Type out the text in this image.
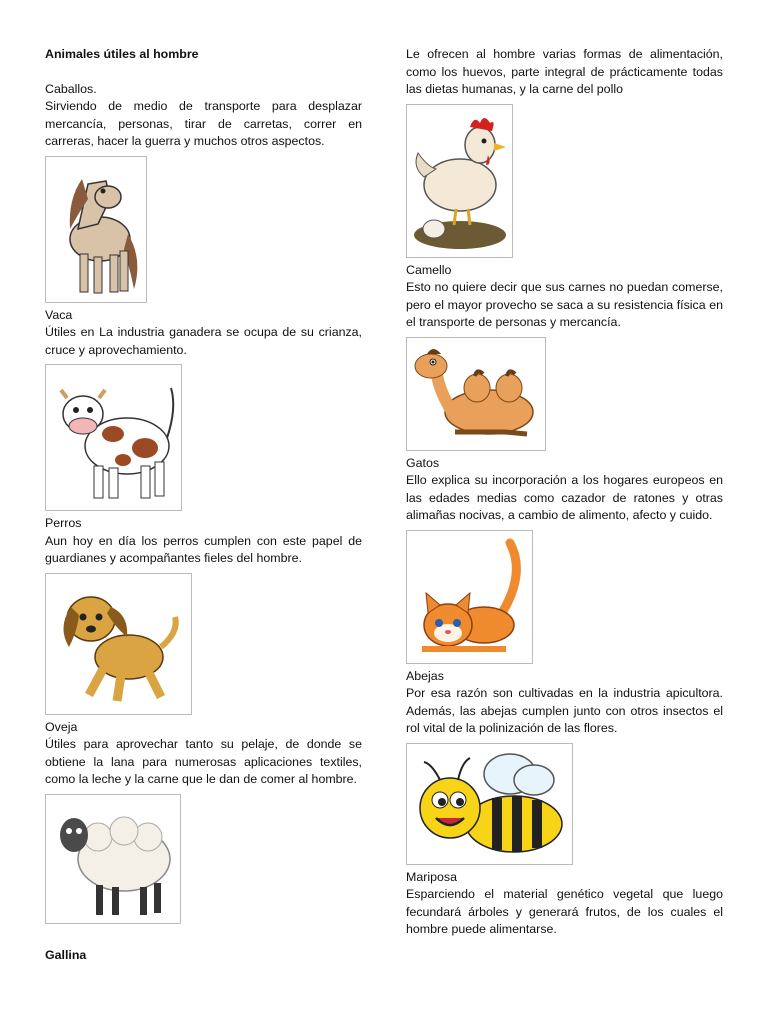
Animales útiles al hombre

Caballos.

Sirviendo de medio de transporte para desplazar mercancía, personas, tirar de carretas, correr en carreras, hacer la guerra y muchos otros aspectos.

Vaca

Útiles en La industria ganadera se ocupa de su crianza, cruce y aprovechamiento.

Perros

Aun hoy en día los perros cumplen con este papel de guardianes y acompañantes fieles del hombre.

Oveja

Útiles para aprovechar tanto su pelaje, de donde se obtiene la lana para numerosas aplicaciones textiles, como la leche y la carne que le dan de comer al hombre.

Le ofrecen al hombre varias formas de alimentación, como los huevos, parte integral de prácticamente todas las dietas humanas, y la carne del pollo

Camello

Esto no quiere decir que sus carnes no puedan comerse, pero el mayor provecho se saca a su resistencia física en el transporte de personas y mercancía.

Gatos

Ello explica su incorporación a los hogares europeos en las edades medias como cazador de ratones y otras alimañas nocivas, a cambio de alimento, afecto y cuido.

Abejas

Por esa razón son cultivadas en la industria apicultora. Además, las abejas cumplen junto con otros insectos el rol vital de la polinización de las flores.

Mariposa

Esparciendo el material genético vegetal que luego fecundará árboles y generará frutos, de los cuales el hombre puede alimentarse.

Gallina
